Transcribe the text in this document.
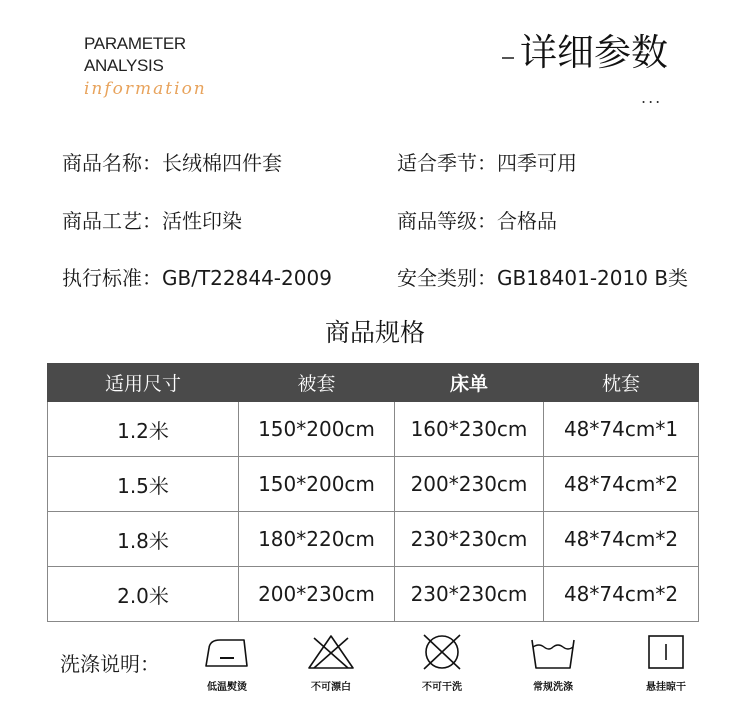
PARAMETER
ANALYSIS
information
详细参数
...
商品名称：长绒棉四件套	适合季节：四季可用
商品工艺：活性印染	商品等级：合格品
执行标准：GB/T22844-2009	安全类别：GB18401-2010 B类
商品规格
适用尺寸	被套	床单	枕套
1.2米	150*200cm	160*230cm	48*74cm*1
1.5米	150*200cm	200*230cm	48*74cm*2
1.8米	180*220cm	230*230cm	48*74cm*2
2.0米	200*230cm	230*230cm	48*74cm*2
洗涤说明：
低温熨烫	不可漂白	不可干洗	常规洗涤	悬挂晾干
